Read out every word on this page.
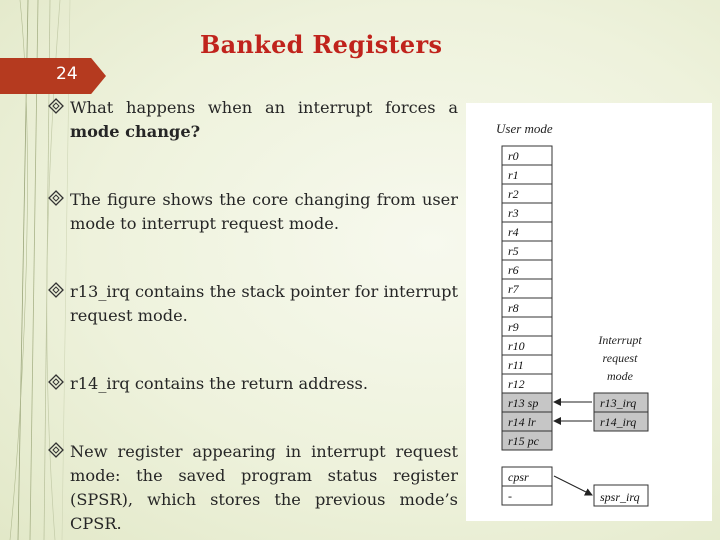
24
Banked Registers
What happens when an interrupt forces a mode change?
The figure shows the core changing from user mode to interrupt request mode.
r13_irq contains the stack pointer for interrupt request mode.
r14_irq contains the return address.
New register appearing in interrupt request mode: the saved program status register (SPSR), which stores the previous mode’s CPSR.
User mode
r0
r1
r2
r3
r4
r5
r6
r7
r8
r9
r10
r11
r12
r13 sp
r14 lr
r15 pc
Interrupt
request
mode
r13_irq
r14_irq
cpsr
-	spsr_irq
